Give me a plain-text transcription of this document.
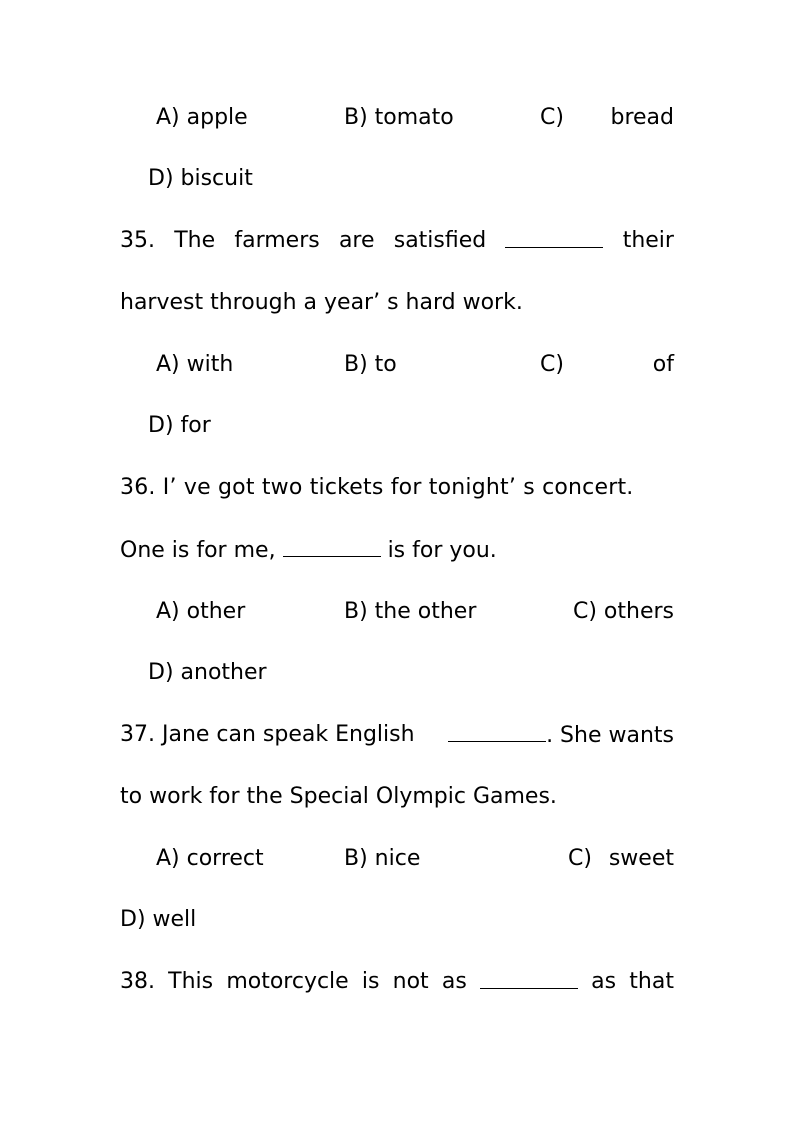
A) apple	B) tomato	C) bread
D) biscuit
35. The farmers are satisfied	their
harvest through a year’ s hard work.
A) with	B) to	C)	of
D) for
36. I’ ve got two tickets for tonight’ s concert.
One is for me,	is for you.
A) other	B) the other	C) others
D) another
37. Jane can speak English	. She wants
to work for the Special Olympic Games.
A) correct	B) nice	C) sweet
D) well
38. This motorcycle is not as	as that
